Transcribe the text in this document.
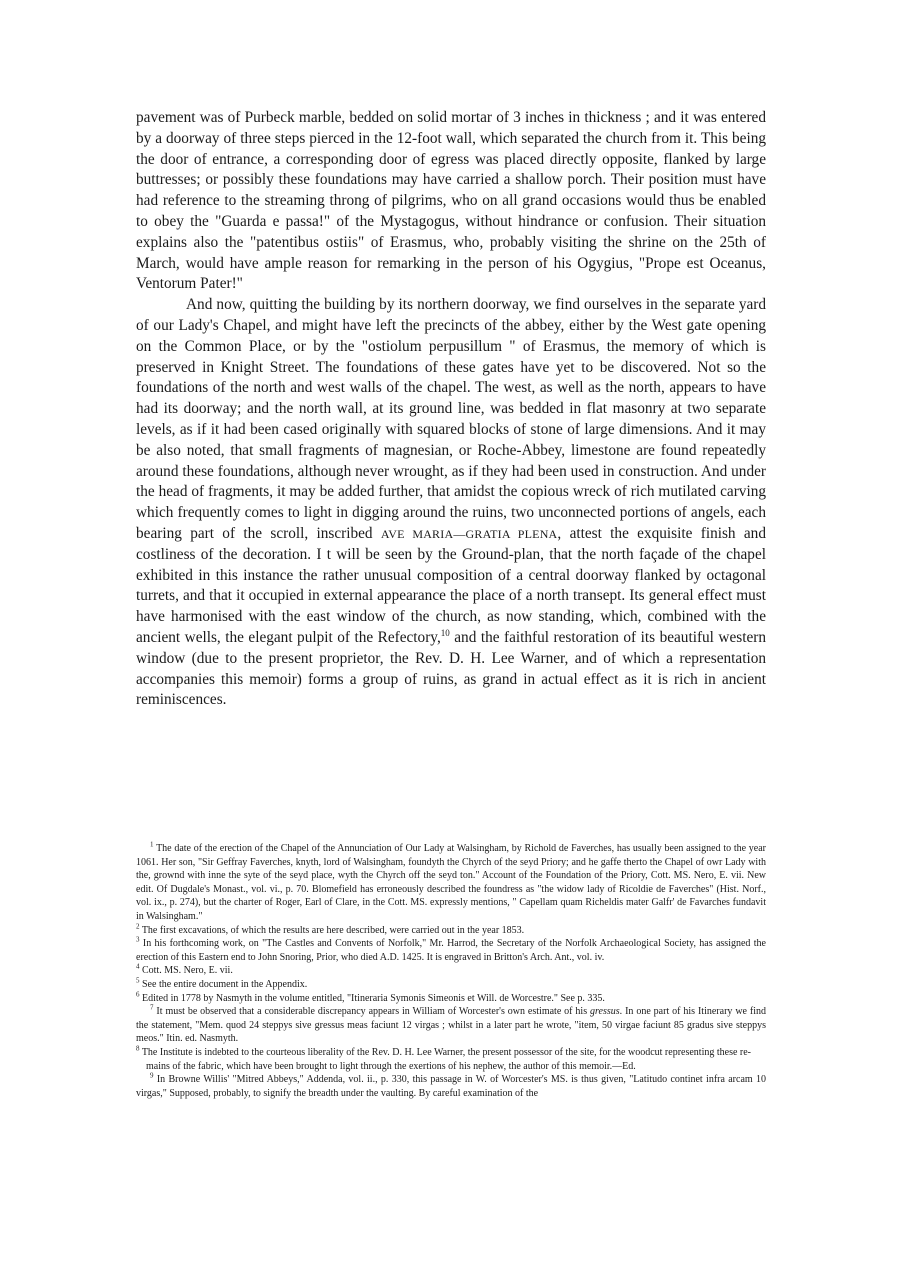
pavement was of Purbeck marble, bedded on solid mortar of 3 inches in thickness ; and it was entered by a doorway of three steps pierced in the 12-foot wall, which separated the church from it. This being the door of entrance, a corresponding door of egress was placed directly opposite, flanked by large buttresses; or possibly these foundations may have carried a shallow porch. Their position must have had reference to the streaming throng of pilgrims, who on all grand occasions would thus be enabled to obey the "Guarda e passa!" of the Mystagogus, without hindrance or confusion. Their situation explains also the "patentibus ostiis" of Erasmus, who, probably visiting the shrine on the 25th of March, would have ample reason for remarking in the person of his Ogygius, "Prope est Oceanus, Ventorum Pater!"

And now, quitting the building by its northern doorway, we find ourselves in the separate yard of our Lady's Chapel, and might have left the precincts of the abbey, either by the West gate opening on the Common Place, or by the "ostiolum perpusillum " of Erasmus, the memory of which is preserved in Knight Street. The foundations of these gates have yet to be discovered. Not so the foundations of the north and west walls of the chapel. The west, as well as the north, appears to have had its doorway; and the north wall, at its ground line, was bedded in flat masonry at two separate levels, as if it had been cased originally with squared blocks of stone of large dimensions. And it may be also noted, that small fragments of magnesian, or Roche-Abbey, limestone are found repeatedly around these foundations, although never wrought, as if they had been used in construction. And under the head of fragments, it may be added further, that amidst the copious wreck of rich mutilated carving which frequently comes to light in digging around the ruins, two unconnected portions of angels, each bearing part of the scroll, inscribed AVE MARIA—GRATIA PLENA, attest the exquisite finish and costliness of the decoration. I t will be seen by the Ground-plan, that the north façade of the chapel exhibited in this instance the rather unusual composition of a central doorway flanked by octagonal turrets, and that it occupied in external appearance the place of a north transept. Its general effect must have harmonised with the east window of the church, as now standing, which, combined with the ancient wells, the elegant pulpit of the Refectory,$^{10}$ and the faithful restoration of its beautiful western window (due to the present proprietor, the Rev. D. H. Lee Warner, and of which a representation accompanies this memoir) forms a group of ruins, as grand in actual effect as it is rich in ancient reminiscences.

$^1$ The date of the erection of the Chapel of the Annunciation of Our Lady at Walsingham, by Richold de Faverches, has usually been assigned to the year 1061. Her son, "Sir Geffray Faverches, knyth, lord of Walsingham, foundyth the Chyrch of the seyd Priory; and he gaffe therto the Chapel of owr Lady with the, grownd with inne the syte of the seyd place, wyth the Chyrch off the seyd ton." Account of the Foundation of the Priory, Cott. MS. Nero, E. vii. New edit. Of Dugdale's Monast., vol. vi., p. 70. Blomefield has erroneously described the foundress as "the widow lady of Ricoldie de Faverches" (Hist. Norf., vol. ix., p. 274), but the charter of Roger, Earl of Clare, in the Cott. MS. expressly mentions, " Capellam quam Richeldis mater Galfr' de Favarches fundavit in Walsingham."

$^2$ The first excavations, of which the results are here described, were carried out in the year 1853.

$^3$ In his forthcoming work, on "The Castles and Convents of Norfolk," Mr. Harrod, the Secretary of the Norfolk Archaeological Society, has assigned the erection of this Eastern end to John Snoring, Prior, who died A.D. 1425. It is engraved in Britton's Arch. Ant., vol. iv.

$^4$ Cott. MS. Nero, E. vii.

$^5$ See the entire document in the Appendix.

$^6$ Edited in 1778 by Nasmyth in the volume entitled, "Itineraria Symonis Simeonis et Will. de Worcestre." See p. 335.

$^7$ It must be observed that a considerable discrepancy appears in William of Worcester's own estimate of his gressus. In one part of his Itinerary we find the statement, "Mem. quod 24 steppys sive gressus meas faciunt 12 virgas ; whilst in a later part he wrote, "item, 50 virgae faciunt 85 gradus sive steppys meos." Itin. ed. Nasmyth.

$^8$ The Institute is indebted to the courteous liberality of the Rev. D. H. Lee Warner, the present possessor of the site, for the woodcut representing these re-

mains of the fabric, which have been brought to light through the exertions of his nephew, the author of this memoir.—Ed.

$^9$ In Browne Willis' "Mitred Abbeys," Addenda, vol. ii., p. 330, this passage in W. of Worcester's MS. is thus given, "Latitudo continet infra arcam 10 virgas," Supposed, probably, to signify the breadth under the vaulting. By careful examination of the
